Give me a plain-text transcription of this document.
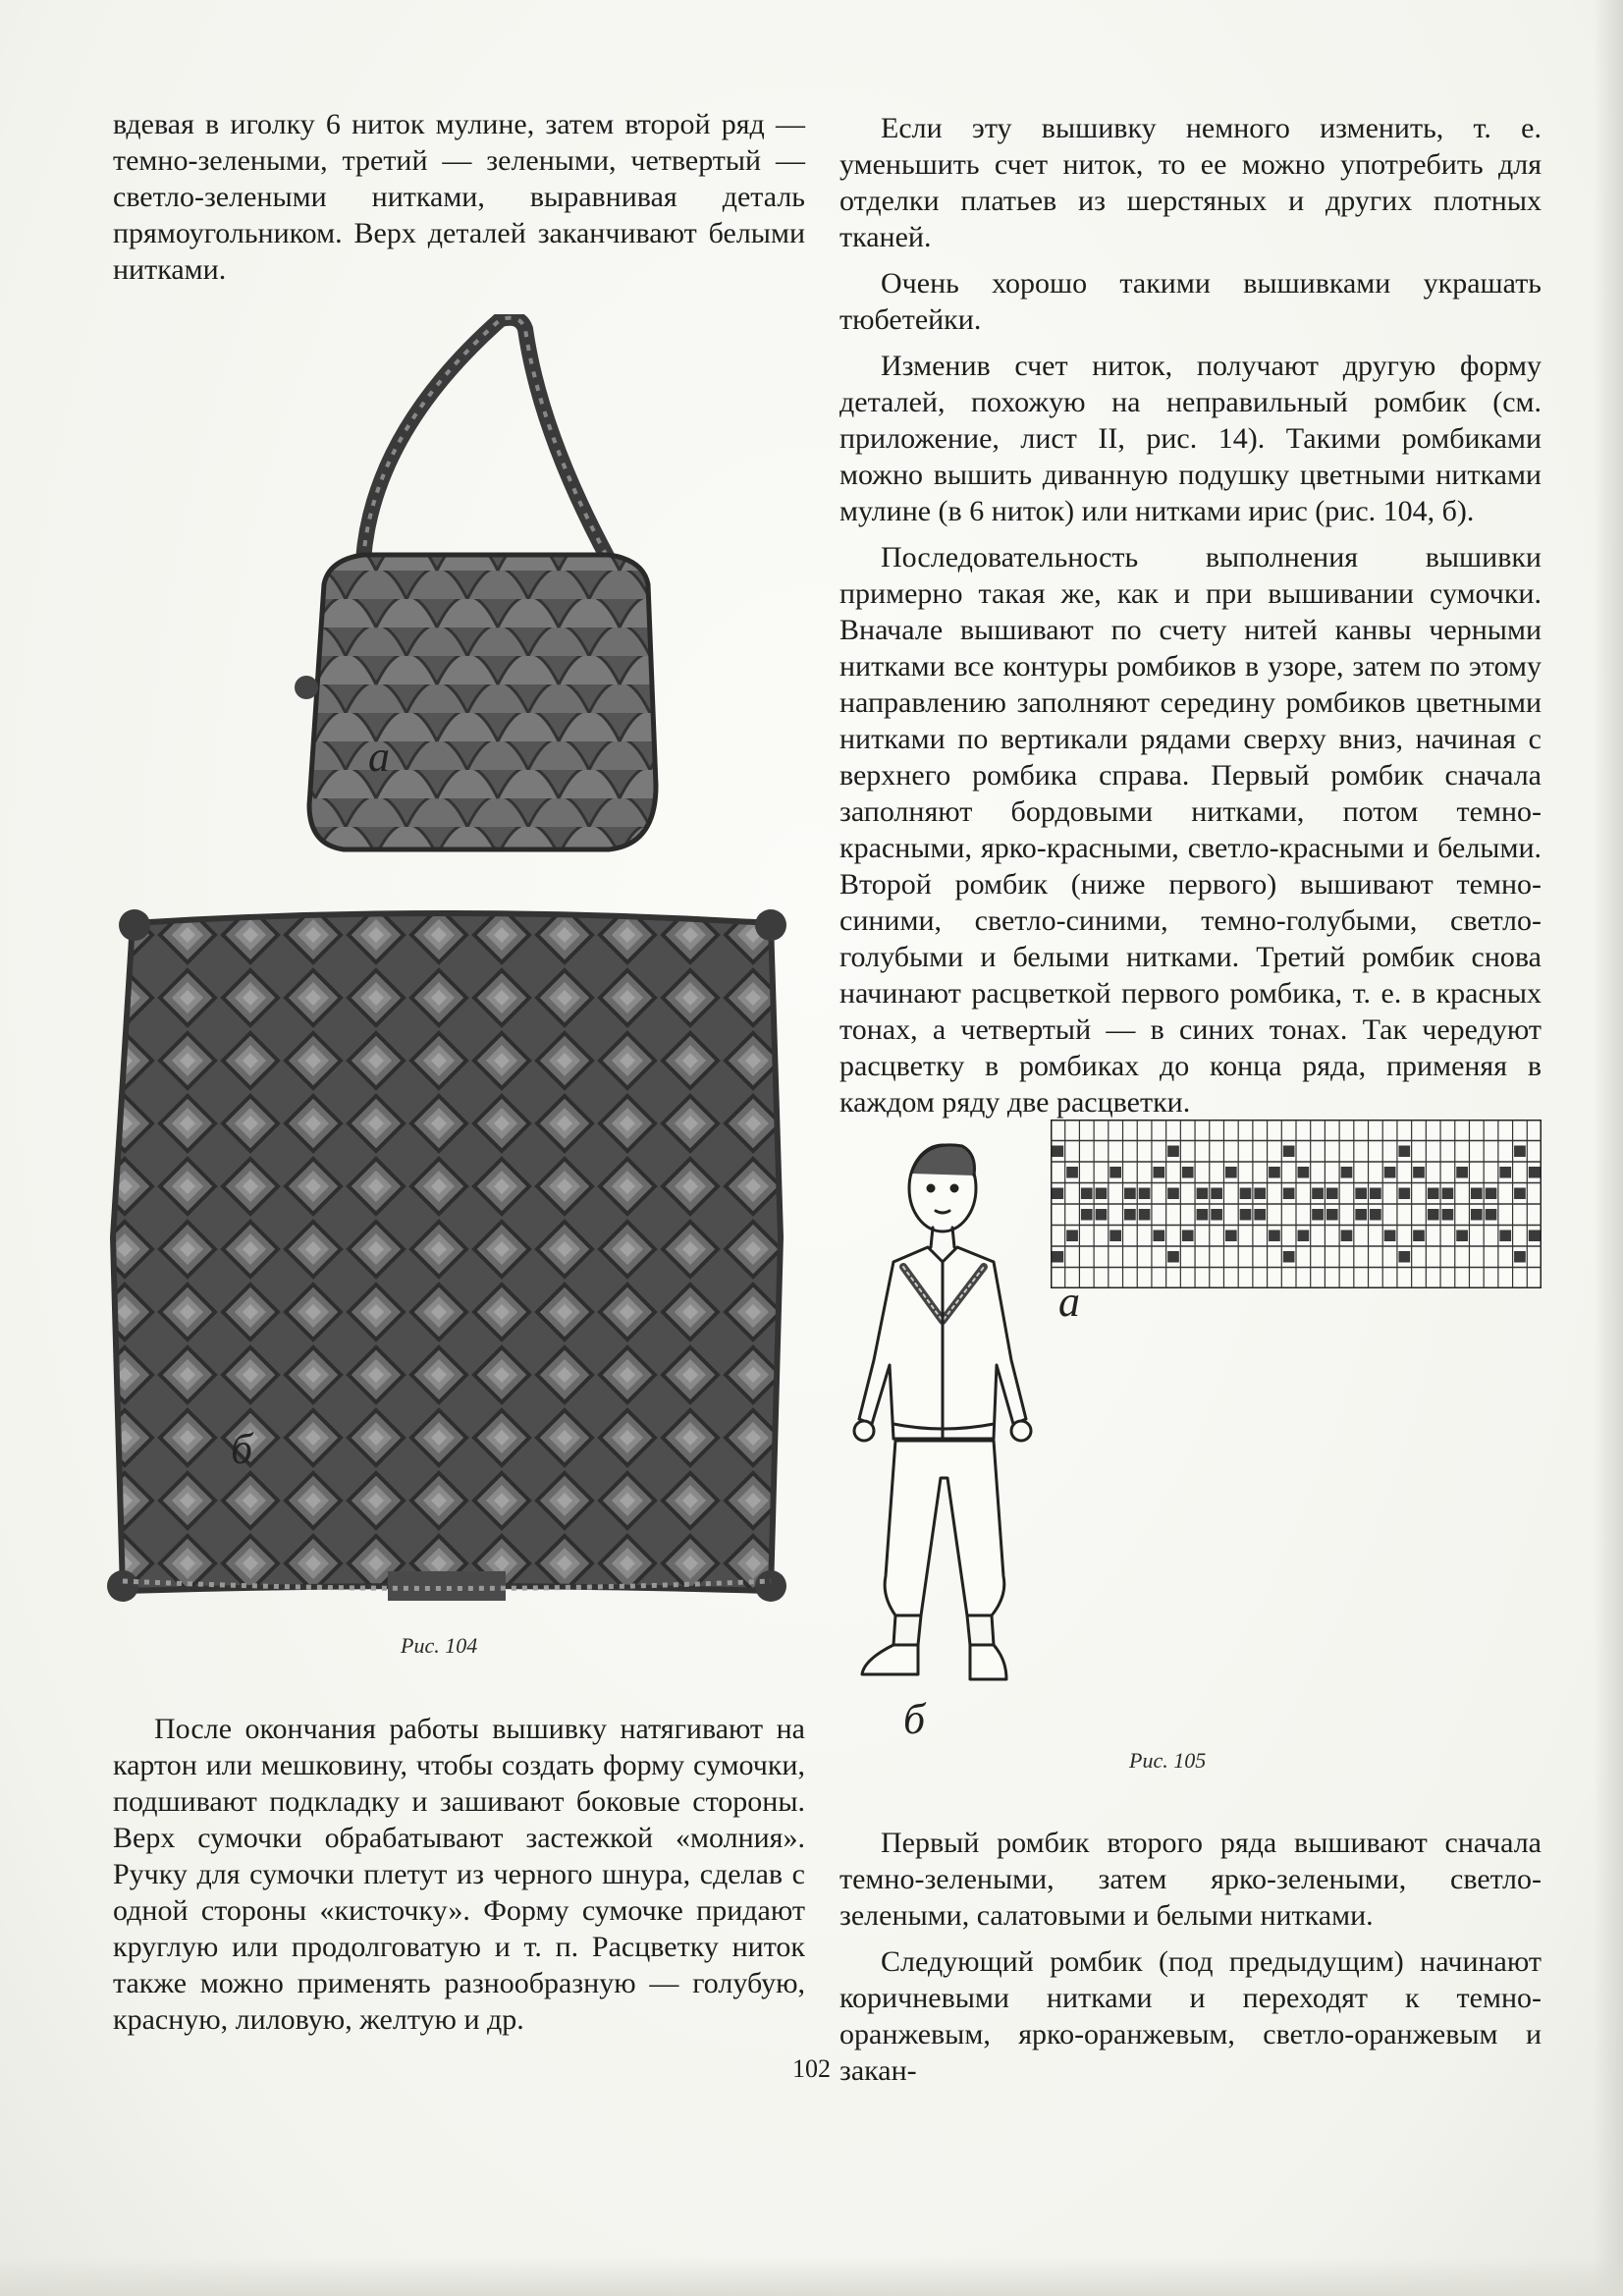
вдевая в иголку 6 ниток мулине, затем второй ряд — темно-зелеными, третий — зелеными, четвертый — светло-зелеными нитками, выравнивая деталь прямоугольником. Верх деталей заканчивают белыми нитками.

Если эту вышивку немного изменить, т. е. уменьшить счет ниток, то ее можно употребить для отделки платьев из шерстяных и других плотных тканей.

Очень хорошо такими вышивками украшать тюбетейки.

Изменив счет ниток, получают другую форму деталей, похожую на неправильный ромбик (см. приложение, лист II, рис. 14). Такими ромбиками можно вышить диванную подушку цветными нитками мулине (в 6 ниток) или нитками ирис (рис. 104, б).

Последовательность выполнения вышивки примерно такая же, как и при вышивании сумочки. Вначале вышивают по счету нитей канвы черными нитками все контуры ромбиков в узоре, затем по этому направлению заполняют середину ромбиков цветными нитками по вертикали рядами сверху вниз, начиная с верхнего ромбика справа. Первый ромбик сначала заполняют бордовыми нитками, потом темно-красными, ярко-красными, светло-красными и белыми. Второй ромбик (ниже первого) вышивают темно-синими, светло-синими, темно-голубыми, светло-голубыми и белыми нитками. Третий ромбик снова начинают расцветкой первого ромбика, т. е. в красных тонах, а четвертый — в синих тонах. Так чередуют расцветку в ромбиках до конца ряда, применяя в каждом ряду две расцветки.

а
б
Рис. 104
а
б
Рис. 105

После окончания работы вышивку натягивают на картон или мешковину, чтобы создать форму сумочки, подшивают подкладку и зашивают боковые стороны. Верх сумочки обрабатывают застежкой «молния». Ручку для сумочки плетут из черного шнура, сделав с одной стороны «кисточку». Форму сумочке придают круглую или продолговатую и т. п. Расцветку ниток также можно применять разнообразную — голубую, красную, лиловую, желтую и др.

Первый ромбик второго ряда вышивают сначала темно-зелеными, затем ярко-зелеными, светло-зелеными, салатовыми и белыми нитками.

Следующий ромбик (под предыдущим) начинают коричневыми нитками и переходят к темно-оранжевым, ярко-оранжевым, светло-оранжевым и закан-

102
